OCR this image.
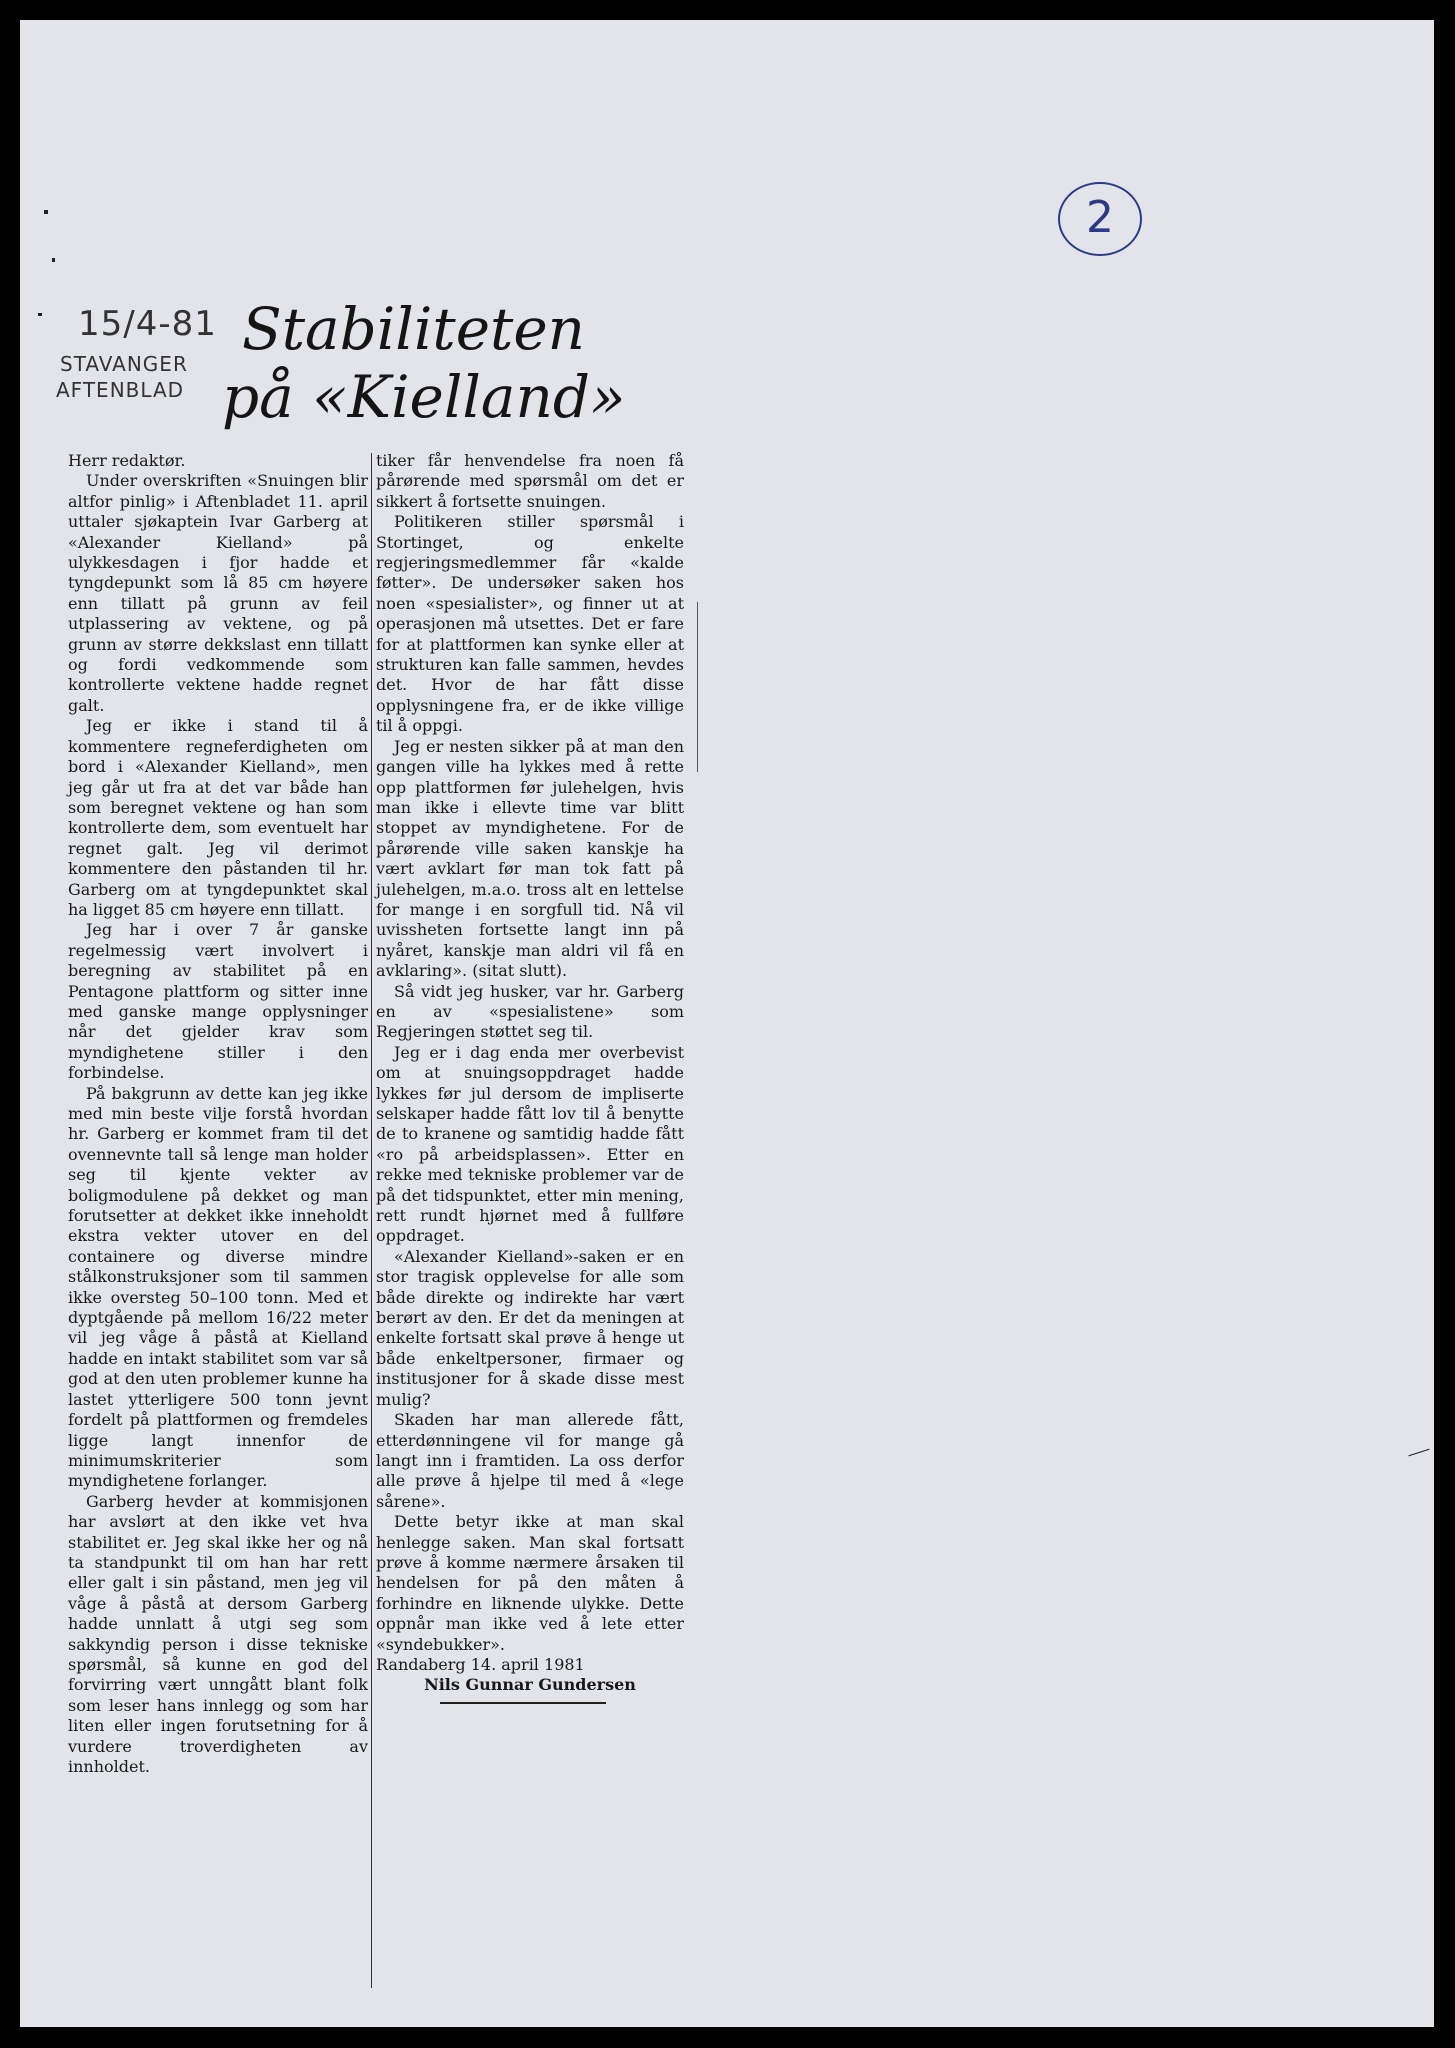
2
15/4-81
STAVANGER
AFTENBLAD
Stabiliteten
på «Kielland»

Herr redaktør.

Under overskriften «Snuingen blir altfor pinlig» i Aftenbladet 11. april uttaler sjøkaptein Ivar Garberg at «Alexander Kielland» på ulykkesdagen i fjor hadde et tyngdepunkt som lå 85 cm høyere enn tillatt på grunn av feil utplassering av vektene, og på grunn av større dekkslast enn tillatt og fordi vedkommende som kontrollerte vektene hadde regnet galt.

Jeg er ikke i stand til å kommentere regneferdigheten om bord i «Alexander Kielland», men jeg går ut fra at det var både han som beregnet vektene og han som kontrollerte dem, som eventuelt har regnet galt. Jeg vil derimot kommentere den påstanden til hr. Garberg om at tyngdepunktet skal ha ligget 85 cm høyere enn tillatt.

Jeg har i over 7 år ganske regelmessig vært involvert i beregning av stabilitet på en Pentagone plattform og sitter inne med ganske mange opplysninger når det gjelder krav som myndighetene stiller i den forbindelse.

På bakgrunn av dette kan jeg ikke med min beste vilje forstå hvordan hr. Garberg er kommet fram til det ovennevnte tall så lenge man holder seg til kjente vekter av boligmodulene på dekket og man forutsetter at dekket ikke inneholdt ekstra vekter utover en del containere og diverse mindre stålkonstruksjoner som til sammen ikke oversteg 50–100 tonn. Med et dyptgående på mellom 16/22 meter vil jeg våge å påstå at Kielland hadde en intakt stabilitet som var så god at den uten problemer kunne ha lastet ytterligere 500 tonn jevnt fordelt på plattformen og fremdeles ligge langt innenfor de minimumskriterier som myndighetene forlanger.

Garberg hevder at kommisjonen har avslørt at den ikke vet hva stabilitet er. Jeg skal ikke her og nå ta standpunkt til om han har rett eller galt i sin påstand, men jeg vil våge å påstå at dersom Garberg hadde unnlatt å utgi seg som sakkyndig person i disse tekniske spørsmål, så kunne en god del forvirring vært unngått blant folk som leser hans innlegg og som har liten eller ingen forutsetning for å vurdere troverdigheten av innholdet.

tiker får henvendelse fra noen få pårørende med spørsmål om det er sikkert å fortsette snuingen.

Politikeren stiller spørsmål i Stortinget, og enkelte regjeringsmedlemmer får «kalde føtter». De undersøker saken hos noen «spesialister», og finner ut at operasjonen må utsettes. Det er fare for at plattformen kan synke eller at strukturen kan falle sammen, hevdes det. Hvor de har fått disse opplysningene fra, er de ikke villige til å oppgi.

Jeg er nesten sikker på at man den gangen ville ha lykkes med å rette opp plattformen før julehelgen, hvis man ikke i ellevte time var blitt stoppet av myndighetene. For de pårørende ville saken kanskje ha vært avklart før man tok fatt på julehelgen, m.a.o. tross alt en lettelse for mange i en sorgfull tid. Nå vil uvissheten fortsette langt inn på nyåret, kanskje man aldri vil få en avklaring». (sitat slutt).

Så vidt jeg husker, var hr. Garberg en av «spesialistene» som Regjeringen støttet seg til.

Jeg er i dag enda mer overbevist om at snuingsoppdraget hadde lykkes før jul dersom de impliserte selskaper hadde fått lov til å benytte de to kranene og samtidig hadde fått «ro på arbeidsplassen». Etter en rekke med tekniske problemer var de på det tidspunktet, etter min mening, rett rundt hjørnet med å fullføre oppdraget.

«Alexander Kielland»-saken er en stor tragisk opplevelse for alle som både direkte og indirekte har vært berørt av den. Er det da meningen at enkelte fortsatt skal prøve å henge ut både enkeltpersoner, firmaer og institusjoner for å skade disse mest mulig?

Skaden har man allerede fått, etterdønningene vil for mange gå langt inn i framtiden. La oss derfor alle prøve å hjelpe til med å «lege sårene».

Dette betyr ikke at man skal henlegge saken. Man skal fortsatt prøve å komme nærmere årsaken til hendelsen for på den måten å forhindre en liknende ulykke. Dette oppnår man ikke ved å lete etter «syndebukker».

Randaberg 14. april 1981

Nils Gunnar Gundersen
